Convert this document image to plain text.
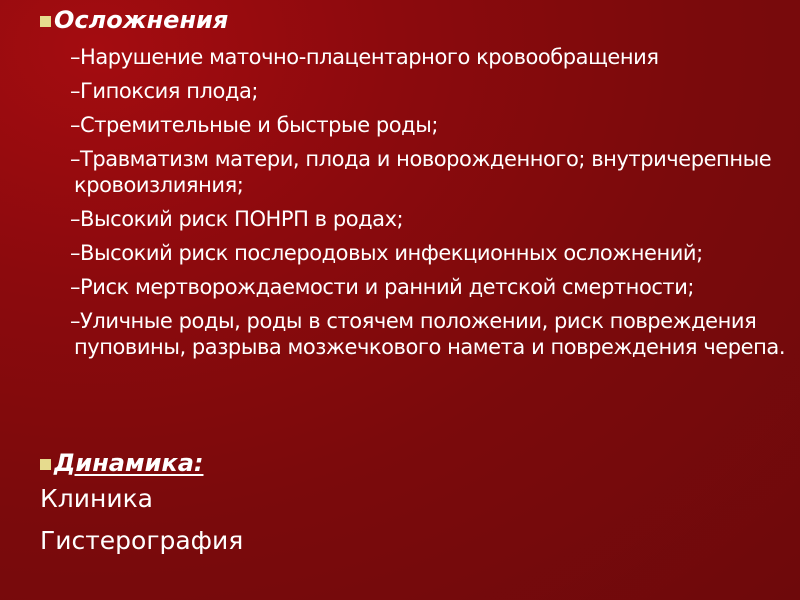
Осложнения
–Нарушение маточно-плацентарного кровообращения
–Гипоксия плода;
–Стремительные и быстрые роды;
–Травматизм матери, плода и новорожденного; внутричерепные кровоизлияния;
–Высокий риск ПОНРП в родах;
–Высокий риск послеродовых инфекционных осложнений;
–Риск мертворождаемости и ранний детской смертности;
–Уличные роды, роды в стоячем положении, риск повреждения пуповины, разрыва мозжечкового намета и повреждения черепа.
Динамика:
Клиника
Гистерография
